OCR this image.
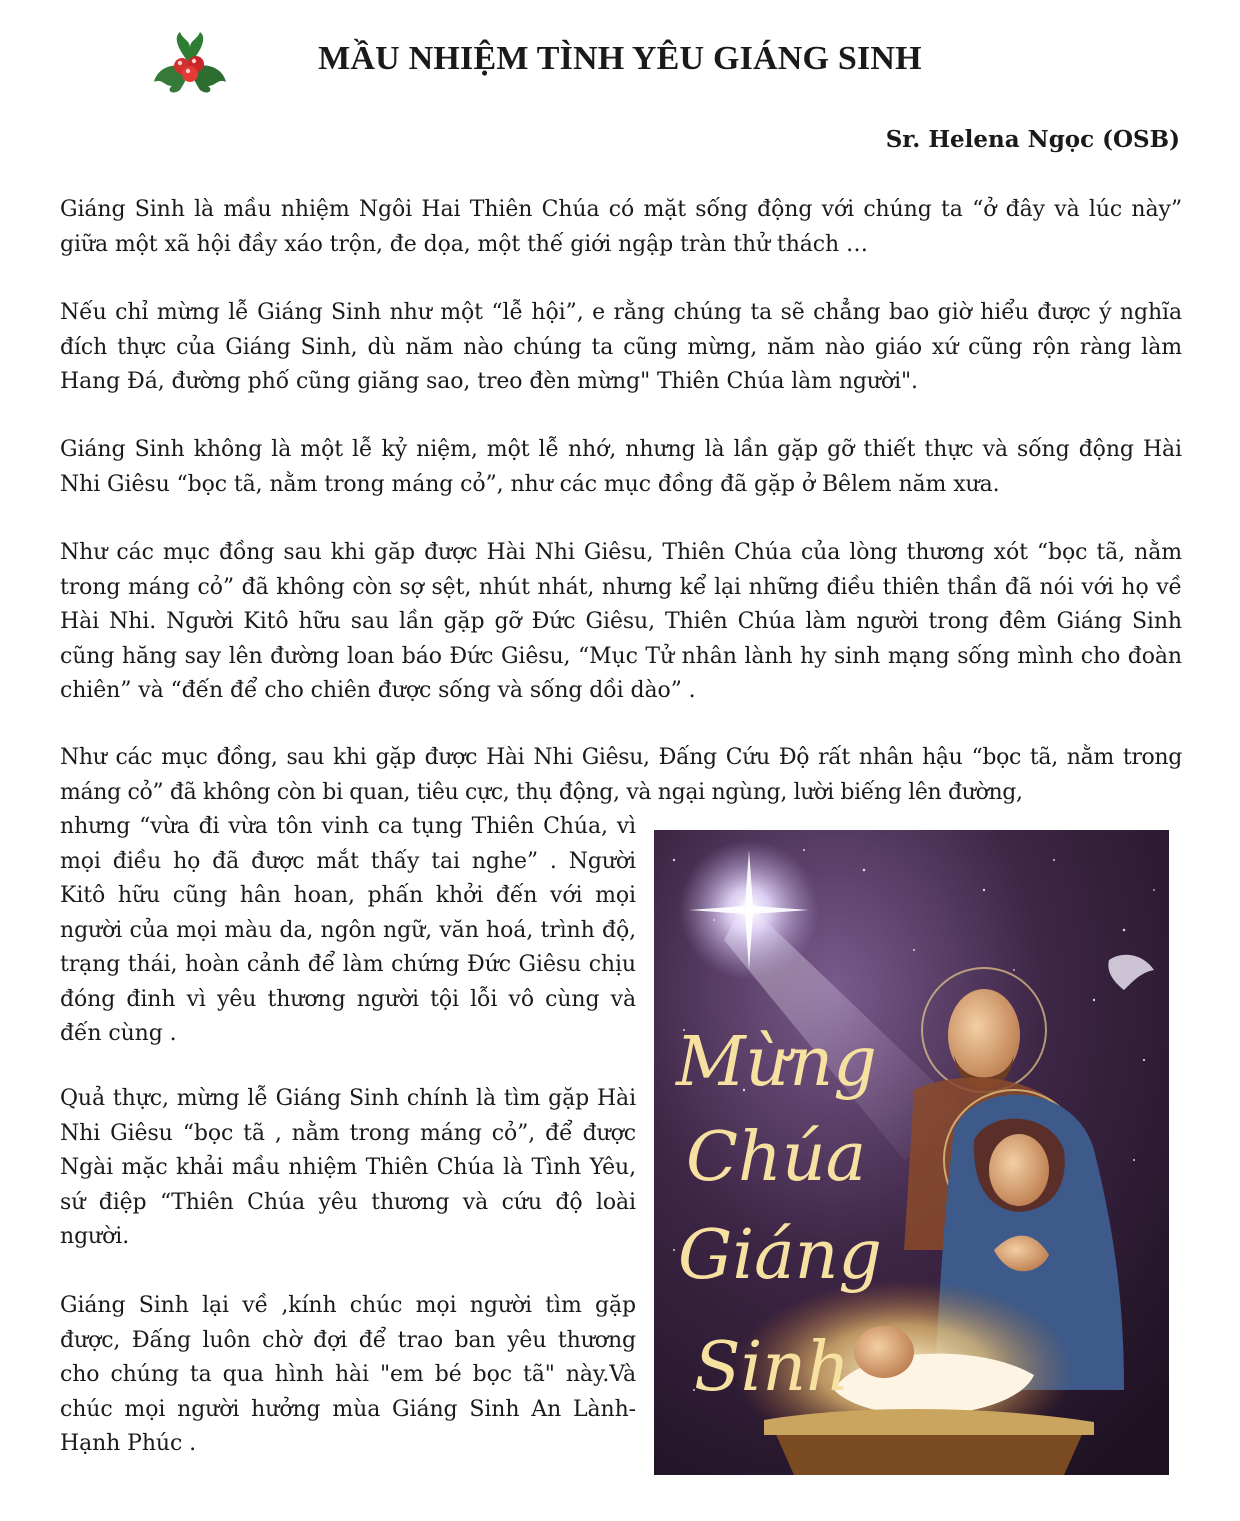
MẦU NHIỆM TÌNH YÊU GIÁNG SINH
Sr. Helena Ngọc (OSB)

Giáng Sinh là mầu nhiệm Ngôi Hai Thiên Chúa có mặt sống động với chúng ta “ở đây và lúc này” giữa một xã hội đầy xáo trộn, đe dọa, một thế giới ngập tràn thử thách …

Nếu chỉ mừng lễ Giáng Sinh như một “lễ hội”, e rằng chúng ta sẽ chẳng bao giờ hiểu được ý nghĩa đích thực của Giáng Sinh, dù năm nào chúng ta cũng mừng, năm nào giáo xứ cũng rộn ràng làm Hang Đá, đường phố cũng giăng sao, treo đèn mừng" Thiên Chúa làm người".

Giáng Sinh không là một lễ kỷ niệm, một lễ nhớ, nhưng là lần gặp gỡ thiết thực và sống động Hài Nhi Giêsu “bọc tã, nằm trong máng cỏ”, như các mục đồng đã gặp ở Bêlem năm xưa.

Như các mục đồng sau khi găp được Hài Nhi Giêsu, Thiên Chúa của lòng thương xót “bọc tã, nằm trong máng cỏ” đã không còn sợ sệt, nhút nhát, nhưng kể lại những điều thiên thần đã nói với họ về Hài Nhi. Người Kitô hữu sau lần gặp gỡ Đức Giêsu, Thiên Chúa làm người trong đêm Giáng Sinh cũng hăng say lên đường loan báo Đức Giêsu, “Mục Tử nhân lành hy sinh mạng sống mình cho đoàn chiên” và “đến để cho chiên được sống và sống dồi dào” .

Như các mục đồng, sau khi gặp được Hài Nhi Giêsu, Đấng Cứu Độ rất nhân hậu “bọc tã, nằm trong máng cỏ” đã không còn bi quan, tiêu cực, thụ động, và ngại ngùng, lười biếng lên đường,

nhưng “vừa đi vừa tôn vinh ca tụng Thiên Chúa, vì mọi điều họ đã được mắt thấy tai nghe” . Người Kitô hữu cũng hân hoan, phấn khởi đến với mọi người của mọi màu da, ngôn ngữ, văn hoá, trình độ, trạng thái, hoàn cảnh để làm chứng Đức Giêsu chịu đóng đinh vì yêu thương người tội lỗi vô cùng và đến cùng .

Quả thực, mừng lễ Giáng Sinh chính là tìm gặp Hài Nhi Giêsu “bọc tã , nằm trong máng cỏ”, để được Ngài mặc khải mầu nhiệm Thiên Chúa là Tình Yêu, sứ điệp “Thiên Chúa yêu thương và cứu độ loài người.

Giáng Sinh lại về ,kính chúc mọi người tìm gặp được, Đấng luôn chờ đợi để trao ban yêu thương cho chúng ta qua hình hài "em bé bọc tã" này.Và chúc mọi người hưởng mùa Giáng Sinh An Lành- Hạnh Phúc .

Mừng
Chúa
Giáng
Sinh
